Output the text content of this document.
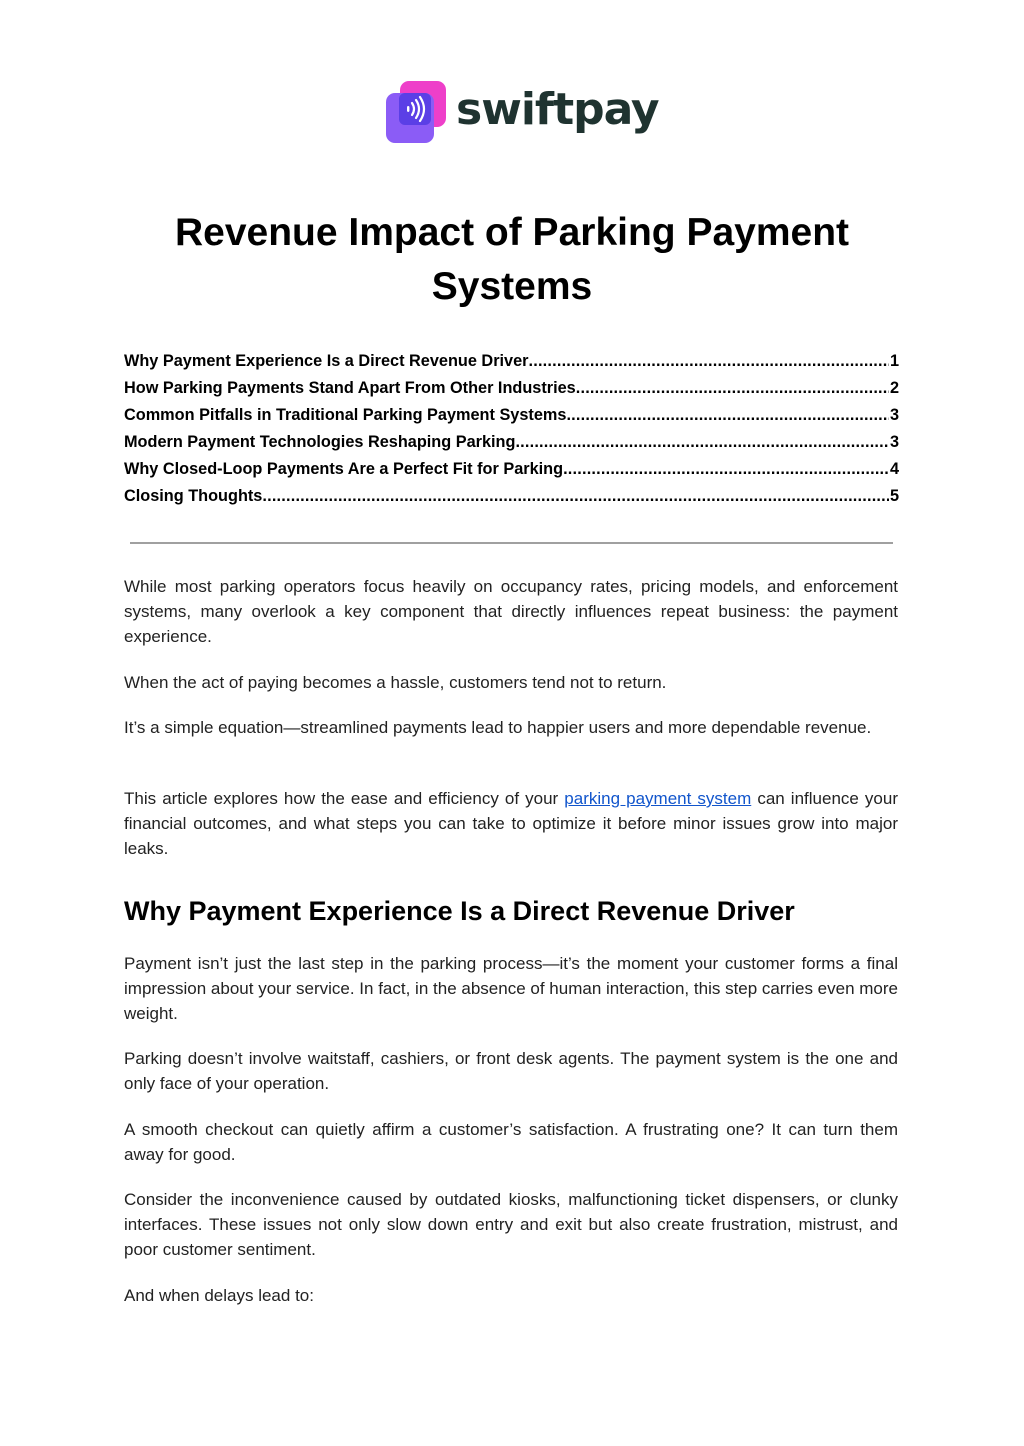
swiftpay
Revenue Impact of Parking Payment Systems
Why Payment Experience Is a Direct Revenue Driver .....	1
How Parking Payments Stand Apart From Other Industries .....	2
Common Pitfalls in Traditional Parking Payment Systems .....	3
Modern Payment Technologies Reshaping Parking .....	3
Why Closed-Loop Payments Are a Perfect Fit for Parking .....	4
Closing Thoughts .....	5

While most parking operators focus heavily on occupancy rates, pricing models, and enforcement systems, many overlook a key component that directly influences repeat business: the payment experience.

When the act of paying becomes a hassle, customers tend not to return.

It’s a simple equation—streamlined payments lead to happier users and more dependable revenue.

This article explores how the ease and efficiency of your parking payment system can influence your financial outcomes, and what steps you can take to optimize it before minor issues grow into major leaks.

Why Payment Experience Is a Direct Revenue Driver

Payment isn’t just the last step in the parking process—it’s the moment your customer forms a final impression about your service. In fact, in the absence of human interaction, this step carries even more weight.

Parking doesn’t involve waitstaff, cashiers, or front desk agents. The payment system is the one and only face of your operation.

A smooth checkout can quietly affirm a customer’s satisfaction. A frustrating one? It can turn them away for good.

Consider the inconvenience caused by outdated kiosks, malfunctioning ticket dispensers, or clunky interfaces. These issues not only slow down entry and exit but also create frustration, mistrust, and poor customer sentiment.

And when delays lead to:
